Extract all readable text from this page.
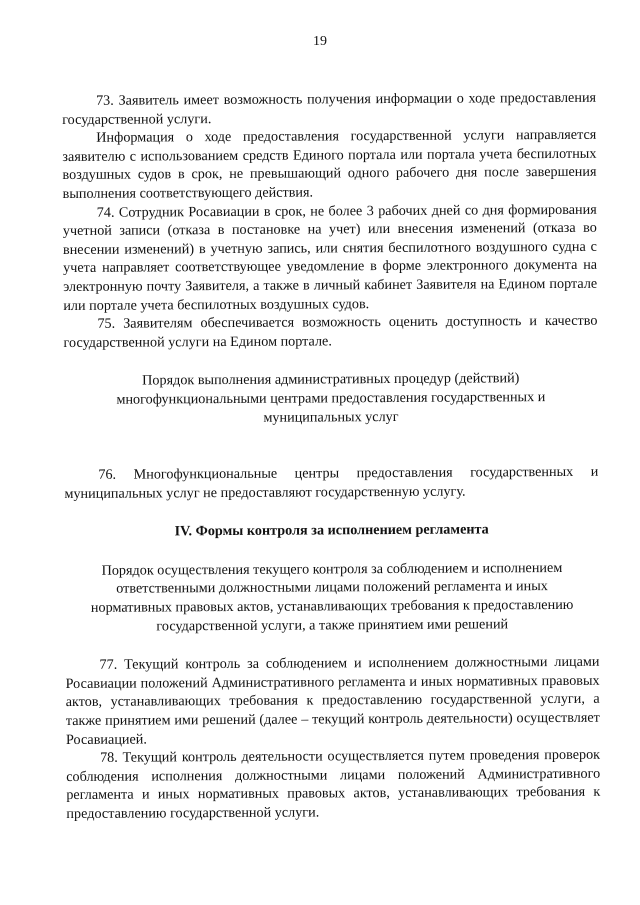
19

73. Заявитель имеет возможность получения информации о ходе предоставления государственной услуги.

Информация о ходе предоставления государственной услуги направляется заявителю с использованием средств Единого портала или портала учета беспилотных воздушных судов в срок, не превышающий одного рабочего дня после завершения выполнения соответствующего действия.

74. Сотрудник Росавиации в срок, не более 3 рабочих дней со дня формирования учетной записи (отказа в постановке на учет) или внесения изменений (отказа во внесении изменений) в учетную запись, или снятия беспилотного воздушного судна с учета направляет соответствующее уведомление в форме электронного документа на электронную почту Заявителя, а также в личный кабинет Заявителя на Едином портале или портале учета беспилотных воздушных судов.

75. Заявителям обеспечивается возможность оценить доступность и качество государственной услуги на Едином портале.

Порядок выполнения административных процедур (действий) многофункциональными центрами предоставления государственных и муниципальных услуг

76. Многофункциональные центры предоставления государственных и муниципальных услуг не предоставляют государственную услугу.

IV. Формы контроля за исполнением регламента

Порядок осуществления текущего контроля за соблюдением и исполнением ответственными должностными лицами положений регламента и иных нормативных правовых актов, устанавливающих требования к предоставлению государственной услуги, а также принятием ими решений

77. Текущий контроль за соблюдением и исполнением должностными лицами Росавиации положений Административного регламента и иных нормативных правовых актов, устанавливающих требования к предоставлению государственной услуги, а также принятием ими решений (далее – текущий контроль деятельности) осуществляет Росавиацией.

78. Текущий контроль деятельности осуществляется путем проведения проверок соблюдения исполнения должностными лицами положений Административного регламента и иных нормативных правовых актов, устанавливающих требования к предоставлению государственной услуги.
